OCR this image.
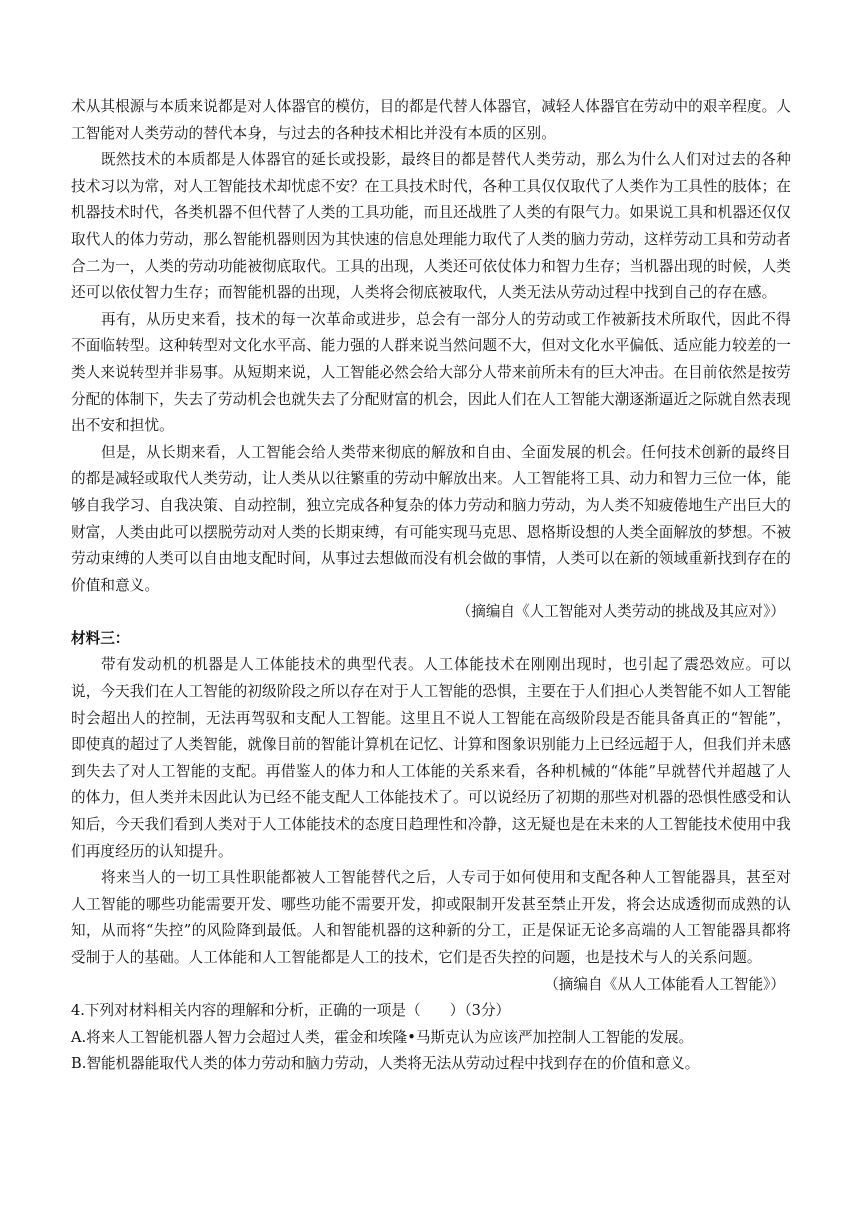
术从其根源与本质来说都是对人体器官的模仿，目的都是代替人体器官，减轻人体器官在劳动中的艰辛程度。人工智能对人类劳动的替代本身，与过去的各种技术相比并没有本质的区别。

既然技术的本质都是人体器官的延长或投影，最终目的都是替代人类劳动，那么为什么人们对过去的各种技术习以为常，对人工智能技术却忧虑不安？在工具技术时代，各种工具仅仅取代了人类作为工具性的肢体；在机器技术时代，各类机器不但代替了人类的工具功能，而且还战胜了人类的有限气力。如果说工具和机器还仅仅取代人的体力劳动，那么智能机器则因为其快速的信息处理能力取代了人类的脑力劳动，这样劳动工具和劳动者合二为一，人类的劳动功能被彻底取代。工具的出现，人类还可依仗体力和智力生存；当机器出现的时候，人类还可以依仗智力生存；而智能机器的出现，人类将会彻底被取代，人类无法从劳动过程中找到自己的存在感。

再有，从历史来看，技术的每一次革命或进步，总会有一部分人的劳动或工作被新技术所取代，因此不得不面临转型。这种转型对文化水平高、能力强的人群来说当然问题不大，但对文化水平偏低、适应能力较差的一类人来说转型并非易事。从短期来说，人工智能必然会给大部分人带来前所未有的巨大冲击。在目前依然是按劳分配的体制下，失去了劳动机会也就失去了分配财富的机会，因此人们在人工智能大潮逐渐逼近之际就自然表现出不安和担忧。

但是，从长期来看，人工智能会给人类带来彻底的解放和自由、全面发展的机会。任何技术创新的最终目的都是减轻或取代人类劳动，让人类从以往繁重的劳动中解放出来。人工智能将工具、动力和智力三位一体，能够自我学习、自我决策、自动控制，独立完成各种复杂的体力劳动和脑力劳动，为人类不知疲倦地生产出巨大的财富，人类由此可以摆脱劳动对人类的长期束缚，有可能实现马克思、恩格斯设想的人类全面解放的梦想。不被劳动束缚的人类可以自由地支配时间，从事过去想做而没有机会做的事情，人类可以在新的领域重新找到存在的价值和意义。

（摘编自《人工智能对人类劳动的挑战及其应对》）

材料三：

带有发动机的机器是人工体能技术的典型代表。人工体能技术在刚刚出现时，也引起了震恐效应。可以说，今天我们在人工智能的初级阶段之所以存在对于人工智能的恐惧，主要在于人们担心人类智能不如人工智能时会超出人的控制，无法再驾驭和支配人工智能。这里且不说人工智能在高级阶段是否能具备真正的“智能”，即使真的超过了人类智能，就像目前的智能计算机在记忆、计算和图象识别能力上已经远超于人，但我们并未感到失去了对人工智能的支配。再借鉴人的体力和人工体能的关系来看，各种机械的“体能”早就替代并超越了人的体力，但人类并未因此认为已经不能支配人工体能技术了。可以说经历了初期的那些对机器的恐惧性感受和认知后，今天我们看到人类对于人工体能技术的态度日趋理性和冷静，这无疑也是在未来的人工智能技术使用中我们再度经历的认知提升。

将来当人的一切工具性职能都被人工智能替代之后，人专司于如何使用和支配各种人工智能器具，甚至对人工智能的哪些功能需要开发、哪些功能不需要开发，抑或限制开发甚至禁止开发，将会达成透彻而成熟的认知，从而将“失控”的风险降到最低。人和智能机器的这种新的分工，正是保证无论多高端的人工智能器具都将受制于人的基础。人工体能和人工智能都是人工的技术，它们是否失控的问题，也是技术与人的关系问题。

（摘编自《从人工体能看人工智能》）

4.下列对材料相关内容的理解和分析，正确的一项是（　　）（3分）

A.将来人工智能机器人智力会超过人类，霍金和埃隆•马斯克认为应该严加控制人工智能的发展。

B.智能机器能取代人类的体力劳动和脑力劳动，人类将无法从劳动过程中找到存在的价值和意义。
